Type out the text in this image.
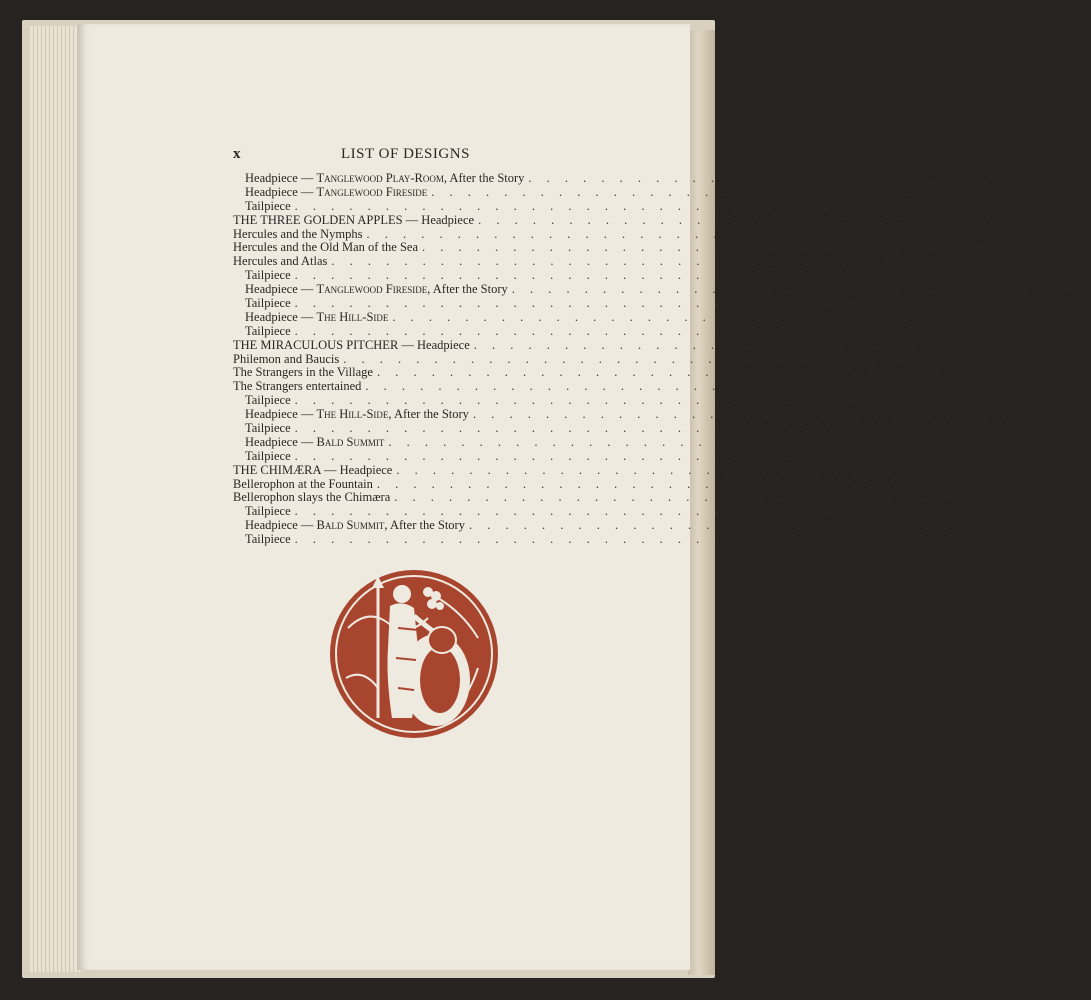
x	LIST OF DESIGNS
Headpiece — Tanglewood Play-Room, After the Story . . . . . . . . . . . . . . . . . . . . . . . . . . . . . . 100
Headpiece — Tanglewood Fireside . . . . . . . . . . . . . . . . . . . . . . . . . . . . . . 102
Tailpiece . . . . . . . . . . . . . . . . . . . . . . . . . . . . . . 108
THE THREE GOLDEN APPLES — Headpiece . . . . . . . . . . . . . . . . . . . . . . . . . . . . . . 109
Hercules and the Nymphs . . . . . . . . . . . . . . . . . . . . . . . . . . . . . . 112
Hercules and the Old Man of the Sea . . . . . . . . . . . . . . . . . . . . . . . . . . . . . . 120
Hercules and Atlas . . . . . . . . . . . . . . . . . . . . . . . . . . . . . . 126
Tailpiece . . . . . . . . . . . . . . . . . . . . . . . . . . . . . . 135
Headpiece — Tanglewood Fireside, After the Story . . . . . . . . . . . . . . . . . . . . . . . . . . . . . . 136
Tailpiece . . . . . . . . . . . . . . . . . . . . . . . . . . . . . . 139
Headpiece — The Hill-Side . . . . . . . . . . . . . . . . . . . . . . . . . . . . . . 140
Tailpiece . . . . . . . . . . . . . . . . . . . . . . . . . . . . . . 143
THE MIRACULOUS PITCHER — Headpiece . . . . . . . . . . . . . . . . . . . . . . . . . . . . . . 144
Philemon and Baucis . . . . . . . . . . . . . . . . . . . . . . . . . . . . . . 144
The Strangers in the Village . . . . . . . . . . . . . . . . . . . . . . . . . . . . . . 148
The Strangers entertained . . . . . . . . . . . . . . . . . . . . . . . . . . . . . . 158
Tailpiece . . . . . . . . . . . . . . . . . . . . . . . . . . . . . . 169
Headpiece — The Hill-Side, After the Story . . . . . . . . . . . . . . . . . . . . . . . . . . . . . . 170
Tailpiece . . . . . . . . . . . . . . . . . . . . . . . . . . . . . . 171
Headpiece — Bald Summit . . . . . . . . . . . . . . . . . . . . . . . . . . . . . . 172
Tailpiece . . . . . . . . . . . . . . . . . . . . . . . . . . . . . . 175
THE CHIMÆRA — Headpiece . . . . . . . . . . . . . . . . . . . . . . . . . . . . . . 176
Bellerophon at the Fountain . . . . . . . . . . . . . . . . . . . . . . . . . . . . . . 180
Bellerophon slays the Chimæra . . . . . . . . . . . . . . . . . . . . . . . . . . . . . . 200
Tailpiece . . . . . . . . . . . . . . . . . . . . . . . . . . . . . . 205
Headpiece — Bald Summit, After the Story . . . . . . . . . . . . . . . . . . . . . . . . . . . . . . 206
Tailpiece . . . . . . . . . . . . . . . . . . . . . . . . . . . . . . 210
